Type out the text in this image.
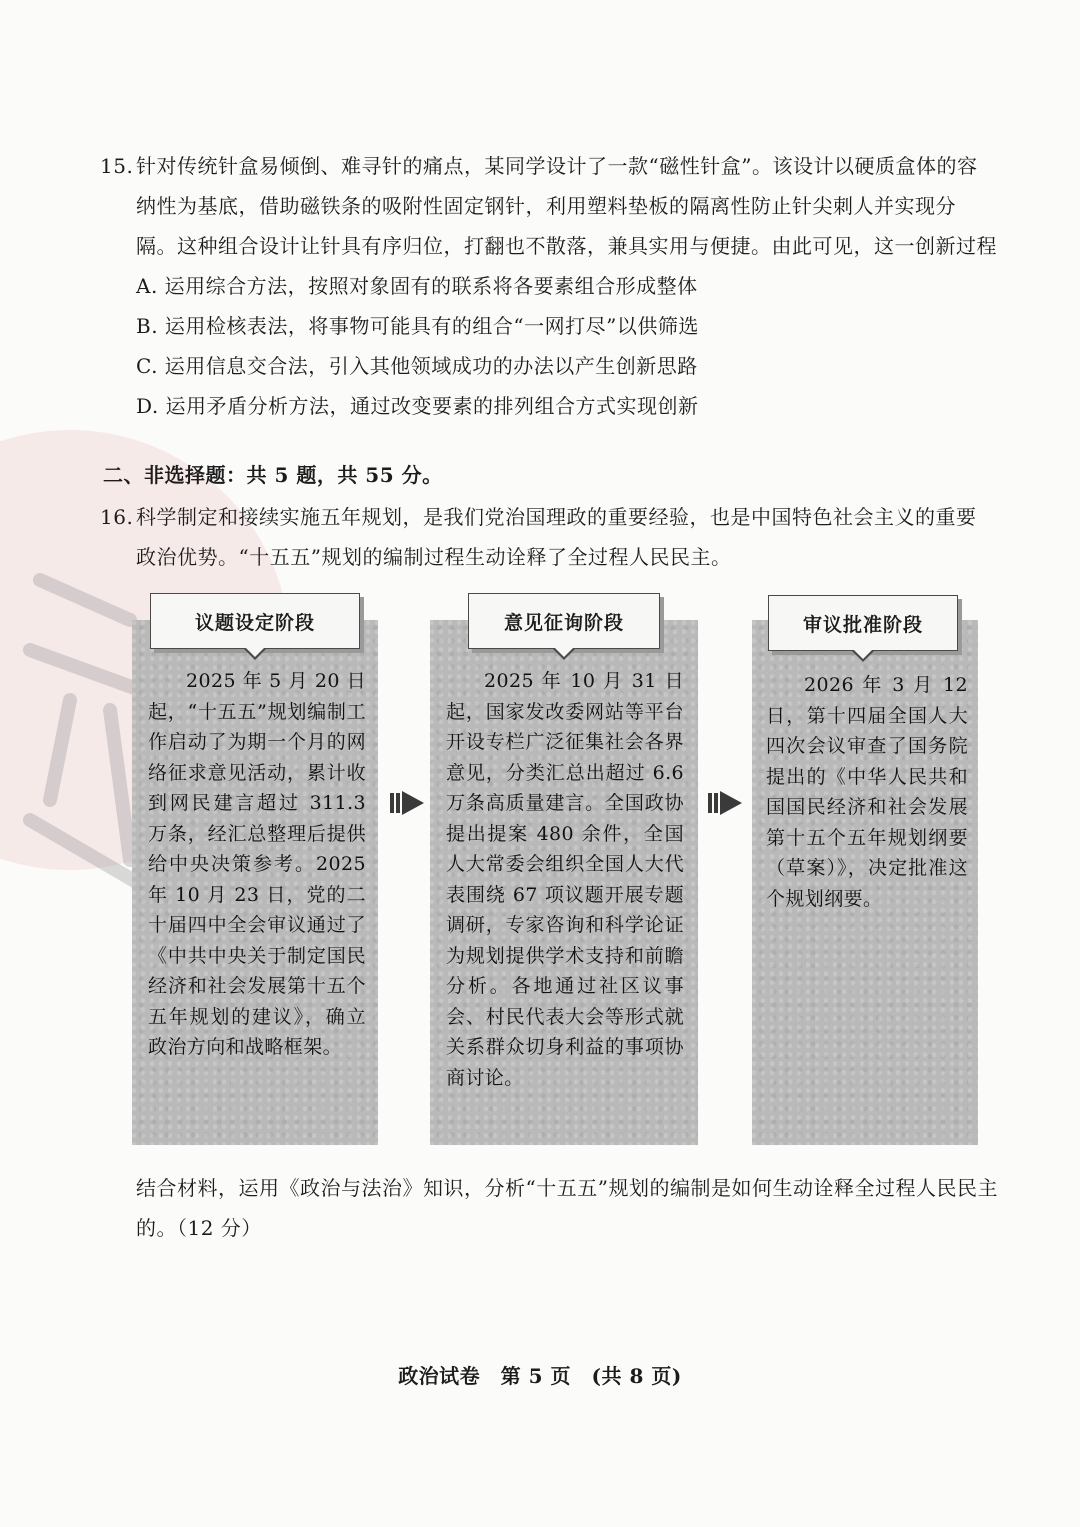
15. 针对传统针盒易倾倒、难寻针的痛点，某同学设计了一款“磁性针盒”。该设计以硬质盒体的容
纳性为基底，借助磁铁条的吸附性固定钢针，利用塑料垫板的隔离性防止针尖刺人并实现分
隔。这种组合设计让针具有序归位，打翻也不散落，兼具实用与便捷。由此可见，这一创新过程
A. 运用综合方法，按照对象固有的联系将各要素组合形成整体
B. 运用检核表法，将事物可能具有的组合“一网打尽”以供筛选
C. 运用信息交合法，引入其他领域成功的办法以产生创新思路
D. 运用矛盾分析方法，通过改变要素的排列组合方式实现创新
二、非选择题：共 5 题，共 55 分。
16. 科学制定和接续实施五年规划，是我们党治国理政的重要经验，也是中国特色社会主义的重要
政治优势。“十五五”规划的编制过程生动诠释了全过程人民民主。
议题设定阶段
2025 年 5 月 20 日起，“十五五”规划编制工作启动了为期一个月的网络征求意见活动，累计收到网民建言超过 311.3 万条，经汇总整理后提供给中央决策参考。2025 年 10 月 23 日，党的二十届四中全会审议通过了《中共中央关于制定国民经济和社会发展第十五个五年规划的建议》，确立政治方向和战略框架。
意见征询阶段
2025 年 10 月 31 日起，国家发改委网站等平台开设专栏广泛征集社会各界意见，分类汇总出超过 6.6 万条高质量建言。全国政协提出提案 480 余件，全国人大常委会组织全国人大代表围绕 67 项议题开展专题调研，专家咨询和科学论证为规划提供学术支持和前瞻分析。各地通过社区议事会、村民代表大会等形式就关系群众切身利益的事项协商讨论。
审议批准阶段
2026 年 3 月 12 日，第十四届全国人大四次会议审查了国务院提出的《中华人民共和国国民经济和社会发展第十五个五年规划纲要（草案）》，决定批准这个规划纲要。
结合材料，运用《政治与法治》知识，分析“十五五”规划的编制是如何生动诠释全过程人民民主
的。（12 分）
政治试卷　第 5 页　(共 8 页)
